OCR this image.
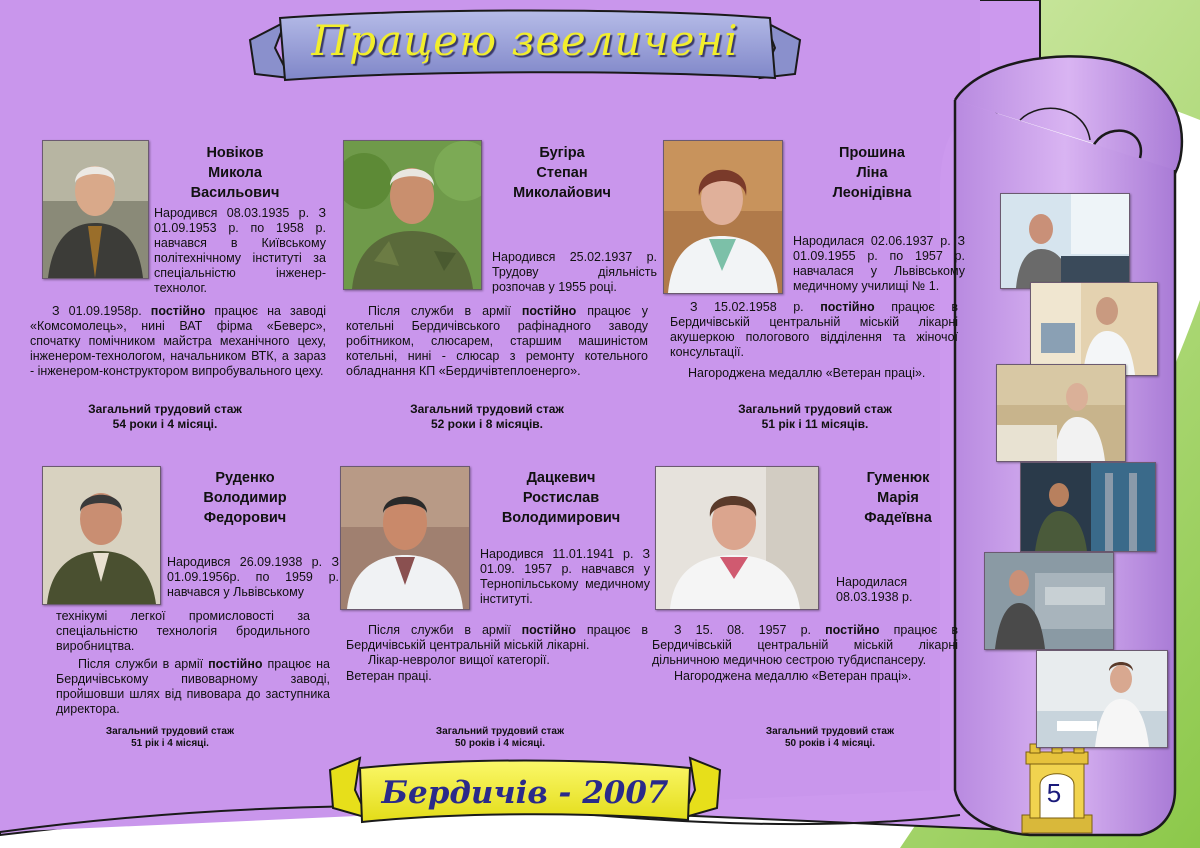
Працею звеличені
Бердичів - 2007	5
Новіков
Микола
Васильович
Народився 08.03.1935 р. З 01.09.1953 р. по 1958 р. навчався в Київському політехнічному інституті за спеціальністю інженер-технолог.
З 01.09.1958р. постійно працює на заводі «Комсомолець», нині ВАТ фірма «Беверс», спочатку помічником майстра механічного цеху, інженером-технологом, начальником ВТК, а зараз - інженером-конструктором випробувального цеху.
Загальний трудовий стаж
54 роки і 4 місяці.
Бугіра
Степан
Миколайович
Народився 25.02.1937 р. Трудову діяльність розпочав у 1955 році.
Після служби в армії постійно працює у котельні Бердичівського рафінадного заводу робітником, слюсарем, старшим машиністом котельні, нині - слюсар з ремонту котельного обладнання КП «Бердичівтеплоенерго».
Загальний трудовий стаж
52 роки і 8 місяців.
Прошина
Ліна
Леонідівна
Народилася 02.06.1937 р. З 01.09.1955 р. по 1957 р. навчалася у Львівському медичному училищі № 1.
З 15.02.1958 р. постійно працює в Бердичівській центральній міській лікарні акушеркою пологового відділення та жіночої консультації.
Нагороджена медаллю «Ветеран праці».
Загальний трудовий стаж
51 рік і 11 місяців.
Руденко
Володимир
Федорович
Народився 26.09.1938 р. З 01.09.1956р. по 1959 р. навчався у Львівському
технікумі легкої промисловості за спеціальністю технологія бродильного виробництва.
Після служби в армії постійно працює на Бердичівському пивоварному заводі, пройшовши шлях від пивовара до заступника директора.
Загальний трудовий стаж
51 рік і 4 місяці.
Дацкевич
Ростислав
Володимирович
Народився 11.01.1941 р. З 01.09. 1957 р. навчався у Тернопільському медичному інституті.
Після служби в армії постійно працює в Бердичівській центральній міській лікарні.
Лікар-невролог вищої категорії.
Ветеран праці.
Загальний трудовий стаж
50 років і 4 місяці.
Гуменюк
Марія
Фадеївна
Народилася 08.03.1938 р.
З 15. 08. 1957 р. постійно працює в Бердичівській центральній міській лікарні дільничною медичною сестрою тубдиспансеру.
Нагороджена медаллю «Ветеран праці».
Загальний трудовий стаж
50 років і 4 місяці.
